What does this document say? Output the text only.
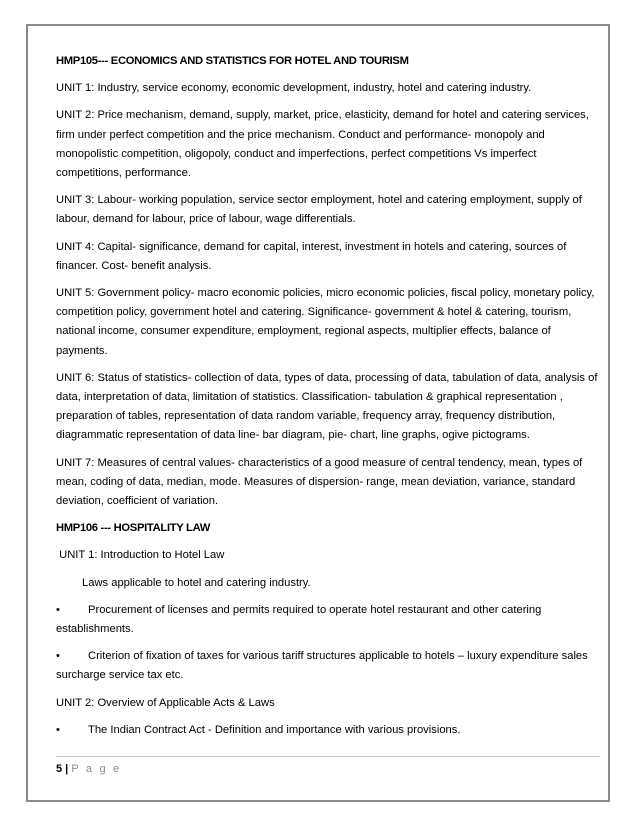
HMP105--- ECONOMICS AND STATISTICS FOR HOTEL AND TOURISM

UNIT 1: Industry, service economy, economic development, industry, hotel and catering industry.

UNIT 2: Price mechanism, demand, supply, market, price, elasticity, demand for hotel and catering services, firm under perfect competition and the price mechanism. Conduct and performance- monopoly and monopolistic competition, oligopoly, conduct and imperfections, perfect competitions Vs imperfect competitions, performance.

UNIT 3: Labour- working population, service sector employment, hotel and catering employment, supply of labour, demand for labour, price of labour, wage differentials.

UNIT 4: Capital- significance, demand for capital, interest, investment in hotels and catering, sources of financer. Cost- benefit analysis.

UNIT 5: Government policy- macro economic policies, micro economic policies, fiscal policy, monetary policy, competition policy, government hotel and catering. Significance- government & hotel & catering, tourism, national income, consumer expenditure, employment, regional aspects, multiplier effects, balance of payments.

UNIT 6: Status of statistics- collection of data, types of data, processing of data, tabulation of data, analysis of data, interpretation of data, limitation of statistics. Classification- tabulation & graphical representation , preparation of tables, representation of data random variable, frequency array, frequency distribution, diagrammatic representation of data line- bar diagram, pie- chart, line graphs, ogive pictograms.

UNIT 7: Measures of central values- characteristics of a good measure of central tendency, mean, types of mean, coding of data, median, mode. Measures of dispersion- range, mean deviation, variance, standard deviation, coefficient of variation.

HMP106 --- HOSPITALITY LAW

UNIT 1: Introduction to Hotel Law

Laws applicable to hotel and catering industry.

•	Procurement of licenses and permits required to operate hotel restaurant and other catering establishments.

•	Criterion of fixation of taxes for various tariff structures applicable to hotels – luxury expenditure sales surcharge service tax etc.

UNIT 2: Overview of Applicable Acts & Laws

•	The Indian Contract Act - Definition and importance with various provisions.

5 | P a g e
